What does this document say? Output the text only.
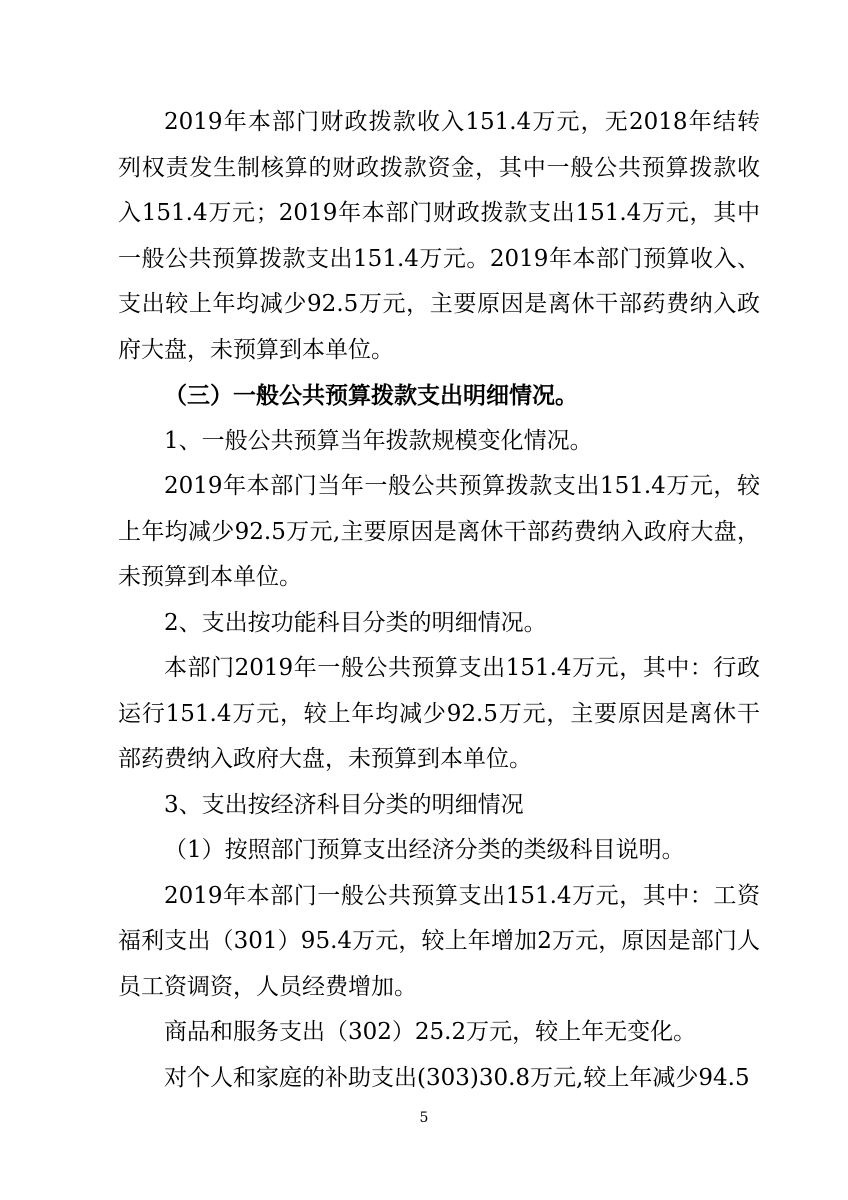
2019年本部门财政拨款收入151.4万元，无2018年结转列权责发生制核算的财政拨款资金，其中一般公共预算拨款收入151.4万元；2019年本部门财政拨款支出151.4万元，其中一般公共预算拨款支出151.4万元。2019年本部门预算收入、支出较上年均减少92.5万元，主要原因是离休干部药费纳入政府大盘，未预算到本单位。

（三）一般公共预算拨款支出明细情况。

1、一般公共预算当年拨款规模变化情况。

2019年本部门当年一般公共预算拨款支出151.4万元，较上年均减少92.5万元,主要原因是离休干部药费纳入政府大盘，未预算到本单位。

2、支出按功能科目分类的明细情况。

本部门2019年一般公共预算支出151.4万元，其中：行政运行151.4万元，较上年均减少92.5万元，主要原因是离休干部药费纳入政府大盘，未预算到本单位。

3、支出按经济科目分类的明细情况

（1）按照部门预算支出经济分类的类级科目说明。

2019年本部门一般公共预算支出151.4万元，其中：工资福利支出（301）95.4万元，较上年增加2万元，原因是部门人员工资调资，人员经费增加。

商品和服务支出（302）25.2万元，较上年无变化。

对个人和家庭的补助支出(303)30.8万元,较上年减少94.5

5
